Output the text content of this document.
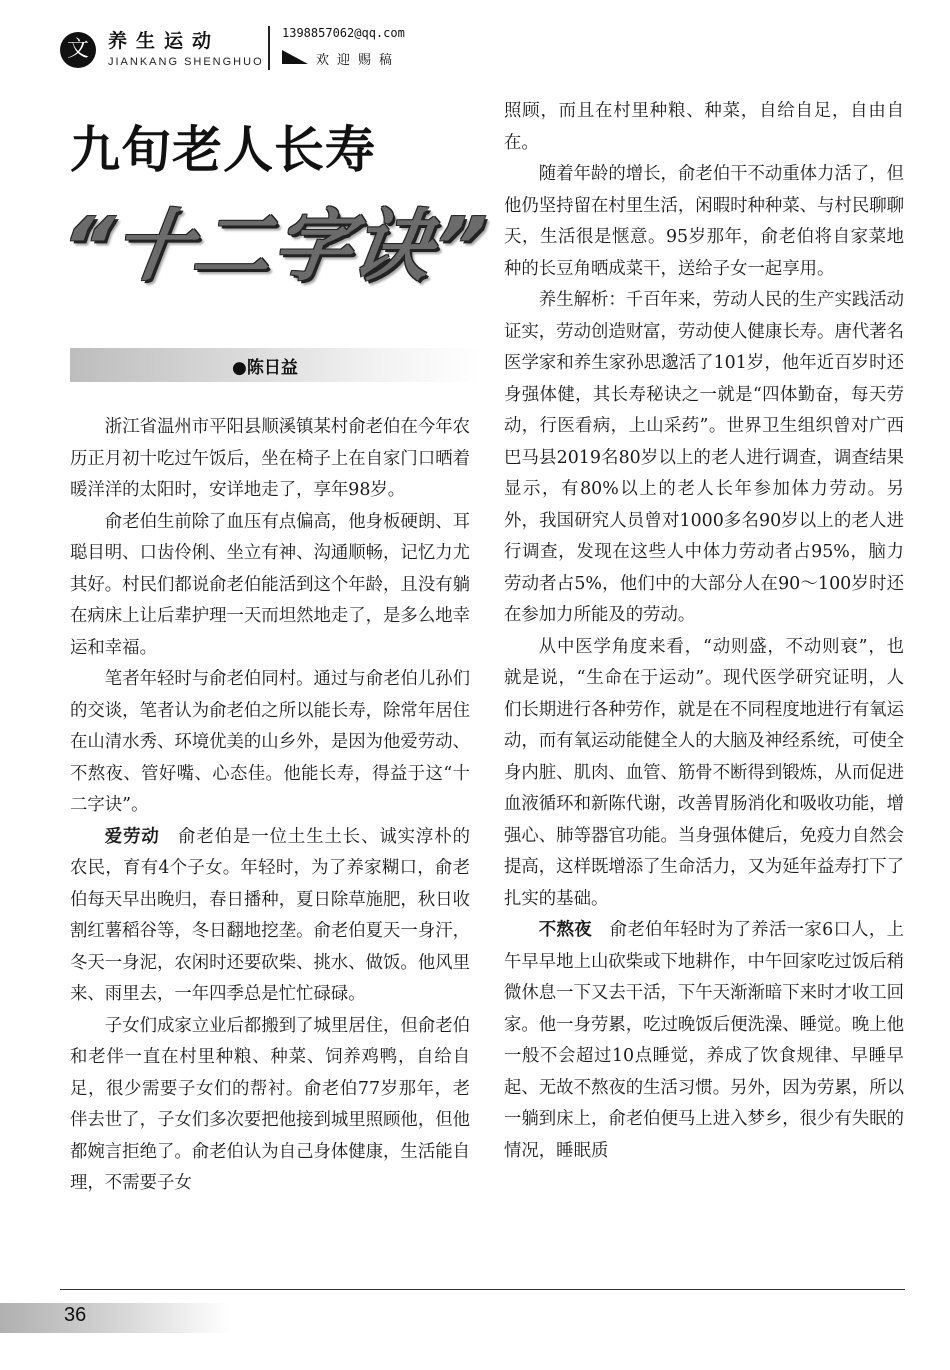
文	养生运动
JIANKANG SHENGHUO
1398857062@qq.com
欢迎赐稿
九旬老人长寿
“十二字诀”
●陈日益

浙江省温州市平阳县顺溪镇某村俞老伯在今年农历正月初十吃过午饭后，坐在椅子上在自家门口晒着暖洋洋的太阳时，安详地走了，享年98岁。

俞老伯生前除了血压有点偏高，他身板硬朗、耳聪目明、口齿伶俐、坐立有神、沟通顺畅，记忆力尤其好。村民们都说俞老伯能活到这个年龄，且没有躺在病床上让后辈护理一天而坦然地走了，是多么地幸运和幸福。

笔者年轻时与俞老伯同村。通过与俞老伯儿孙们的交谈，笔者认为俞老伯之所以能长寿，除常年居住在山清水秀、环境优美的山乡外，是因为他爱劳动、不熬夜、管好嘴、心态佳。他能长寿，得益于这“十二字诀”。

爱劳动　俞老伯是一位土生土长、诚实淳朴的农民，育有4个子女。年轻时，为了养家糊口，俞老伯每天早出晚归，春日播种，夏日除草施肥，秋日收割红薯稻谷等，冬日翻地挖垄。俞老伯夏天一身汗，冬天一身泥，农闲时还要砍柴、挑水、做饭。他风里来、雨里去，一年四季总是忙忙碌碌。

子女们成家立业后都搬到了城里居住，但俞老伯和老伴一直在村里种粮、种菜、饲养鸡鸭，自给自足，很少需要子女们的帮衬。俞老伯77岁那年，老伴去世了，子女们多次要把他接到城里照顾他，但他都婉言拒绝了。俞老伯认为自己身体健康，生活能自理，不需要子女

照顾，而且在村里种粮、种菜，自给自足，自由自在。

随着年龄的增长，俞老伯干不动重体力活了，但他仍坚持留在村里生活，闲暇时种种菜、与村民聊聊天，生活很是惬意。95岁那年，俞老伯将自家菜地种的长豆角晒成菜干，送给子女一起享用。

养生解析：千百年来，劳动人民的生产实践活动证实，劳动创造财富，劳动使人健康长寿。唐代著名医学家和养生家孙思邈活了101岁，他年近百岁时还身强体健，其长寿秘诀之一就是“四体勤奋，每天劳动，行医看病，上山采药”。世界卫生组织曾对广西巴马县2019名80岁以上的老人进行调查，调查结果显示，有80%以上的老人长年参加体力劳动。另外，我国研究人员曾对1000多名90岁以上的老人进行调查，发现在这些人中体力劳动者占95%，脑力劳动者占5%，他们中的大部分人在90～100岁时还在参加力所能及的劳动。

从中医学角度来看，“动则盛，不动则衰”，也就是说，“生命在于运动”。现代医学研究证明，人们长期进行各种劳作，就是在不同程度地进行有氧运动，而有氧运动能健全人的大脑及神经系统，可使全身内脏、肌肉、血管、筋骨不断得到锻炼，从而促进血液循环和新陈代谢，改善胃肠消化和吸收功能，增强心、肺等器官功能。当身强体健后，免疫力自然会提高，这样既增添了生命活力，又为延年益寿打下了扎实的基础。

不熬夜　俞老伯年轻时为了养活一家6口人，上午早早地上山砍柴或下地耕作，中午回家吃过饭后稍微休息一下又去干活，下午天渐渐暗下来时才收工回家。他一身劳累，吃过晚饭后便洗澡、睡觉。晚上他一般不会超过10点睡觉，养成了饮食规律、早睡早起、无故不熬夜的生活习惯。另外，因为劳累，所以一躺到床上，俞老伯便马上进入梦乡，很少有失眠的情况，睡眠质

36
